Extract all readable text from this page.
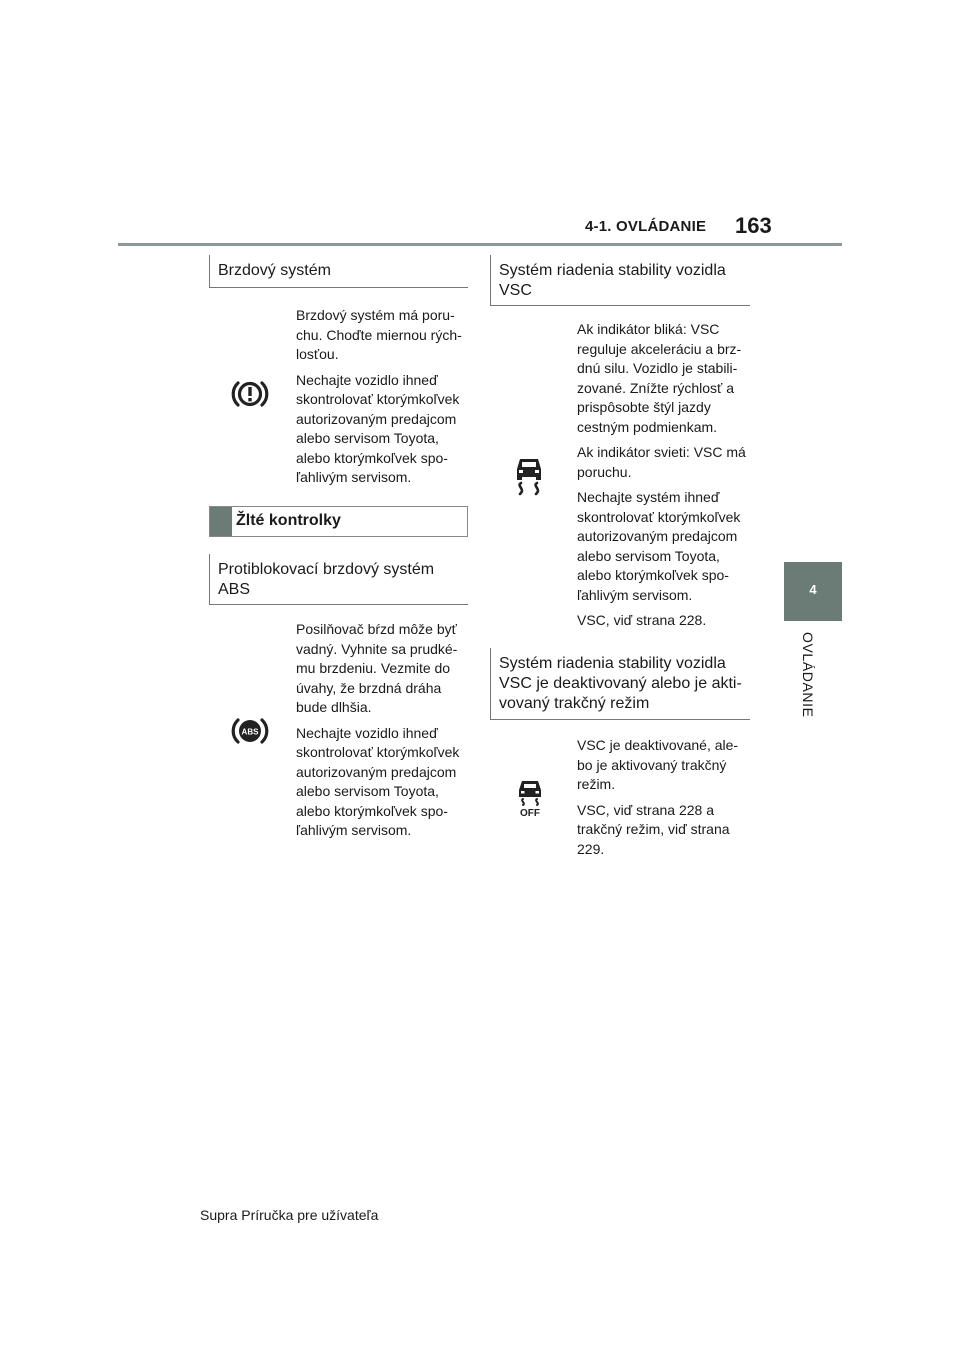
4-1. OVLÁDANIE 163
4
OVLÁDANIE
Brzdový systém

Brzdový systém má poru-chu. Choďte miernou rých-losťou.

Nechajte vozidlo ihneď skontrolovať ktorýmkoľvek autorizovaným predajcom alebo servisom Toyota, alebo ktorýmkoľvek spo-ľahlivým servisom.

Žlté kontrolky
Protiblokovací brzdový systém ABS
ABS

Posilňovač bŕzd môže byť vadný. Vyhnite sa prudké-mu brzdeniu. Vezmite do úvahy, že brzdná dráha bude dlhšia.

Nechajte vozidlo ihneď skontrolovať ktorýmkoľvek autorizovaným predajcom alebo servisom Toyota, alebo ktorýmkoľvek spo-ľahlivým servisom.

Systém riadenia stability vozidla VSC

Ak indikátor bliká: VSC reguluje akceleráciu a brz-dnú silu. Vozidlo je stabili-zované. Znížte rýchlosť a prispôsobte štýl jazdy cestným podmienkam.

Ak indikátor svieti: VSC má poruchu.

Nechajte systém ihneď skontrolovať ktorýmkoľvek autorizovaným predajcom alebo servisom Toyota, alebo ktorýmkoľvek spo-ľahlivým servisom.

VSC, viď strana 228.

Systém riadenia stability vozidla VSC je deaktivovaný alebo je akti-vovaný trakčný režim
OFF

VSC je deaktivované, ale-bo je aktivovaný trakčný režim.

VSC, viď strana 228 a trakčný režim, viď strana 229.

Supra Príručka pre užívateľa
